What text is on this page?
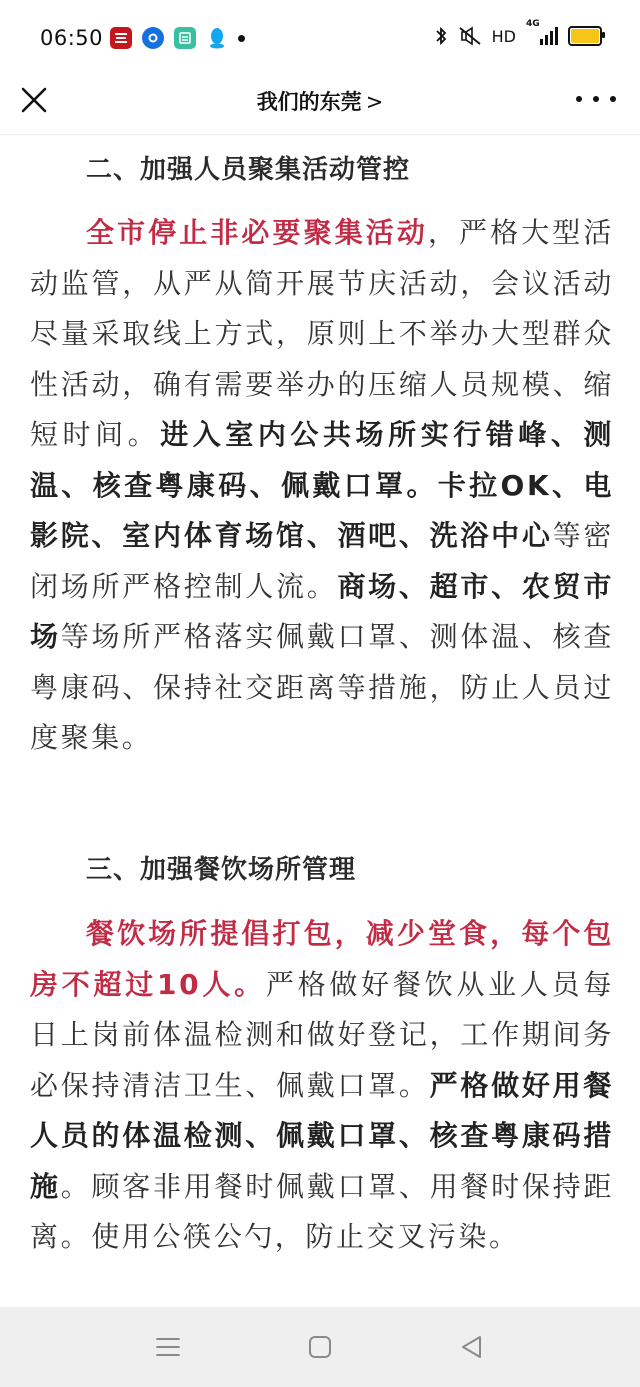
06:50	HD
4G
我们的东莞 >
二、加强人员聚集活动管控

全市停止非必要聚集活动，严格大型活动监管，从严从简开展节庆活动，会议活动尽量采取线上方式，原则上不举办大型群众性活动，确有需要举办的压缩人员规模、缩短时间。进入室内公共场所实行错峰、测温、核查粤康码、佩戴口罩。卡拉OK、电影院、室内体育场馆、酒吧、洗浴中心等密闭场所严格控制人流。商场、超市、农贸市场等场所严格落实佩戴口罩、测体温、核查粤康码、保持社交距离等措施，防止人员过度聚集。

三、加强餐饮场所管理

餐饮场所提倡打包，减少堂食，每个包房不超过10人。严格做好餐饮从业人员每日上岗前体温检测和做好登记，工作期间务必保持清洁卫生、佩戴口罩。严格做好用餐人员的体温检测、佩戴口罩、核查粤康码措施。顾客非用餐时佩戴口罩、用餐时保持距离。使用公筷公勺，防止交叉污染。
